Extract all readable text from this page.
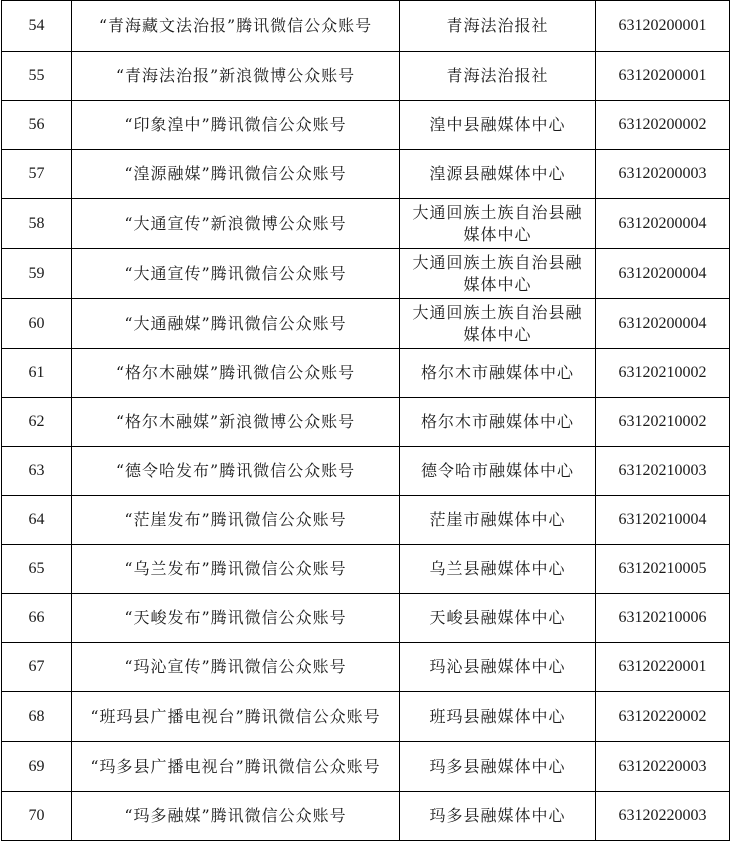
54	“青海藏文法治报”腾讯微信公众账号	青海法治报社	63120200001
55	“青海法治报”新浪微博公众账号	青海法治报社	63120200001
56	“印象湟中”腾讯微信公众账号	湟中县融媒体中心	63120200002
57	“湟源融媒”腾讯微信公众账号	湟源县融媒体中心	63120200003
58	“大通宣传”新浪微博公众账号	大通回族土族自治县融媒体中心	63120200004
59	“大通宣传”腾讯微信公众账号	大通回族土族自治县融媒体中心	63120200004
60	“大通融媒”腾讯微信公众账号	大通回族土族自治县融媒体中心	63120200004
61	“格尔木融媒”腾讯微信公众账号	格尔木市融媒体中心	63120210002
62	“格尔木融媒”新浪微博公众账号	格尔木市融媒体中心	63120210002
63	“德令哈发布”腾讯微信公众账号	德令哈市融媒体中心	63120210003
64	“茫崖发布”腾讯微信公众账号	茫崖市融媒体中心	63120210004
65	“乌兰发布”腾讯微信公众账号	乌兰县融媒体中心	63120210005
66	“天峻发布”腾讯微信公众账号	天峻县融媒体中心	63120210006
67	“玛沁宣传”腾讯微信公众账号	玛沁县融媒体中心	63120220001
68	“班玛县广播电视台”腾讯微信公众账号	班玛县融媒体中心	63120220002
69	“玛多县广播电视台”腾讯微信公众账号	玛多县融媒体中心	63120220003
70	“玛多融媒”腾讯微信公众账号	玛多县融媒体中心	63120220003
